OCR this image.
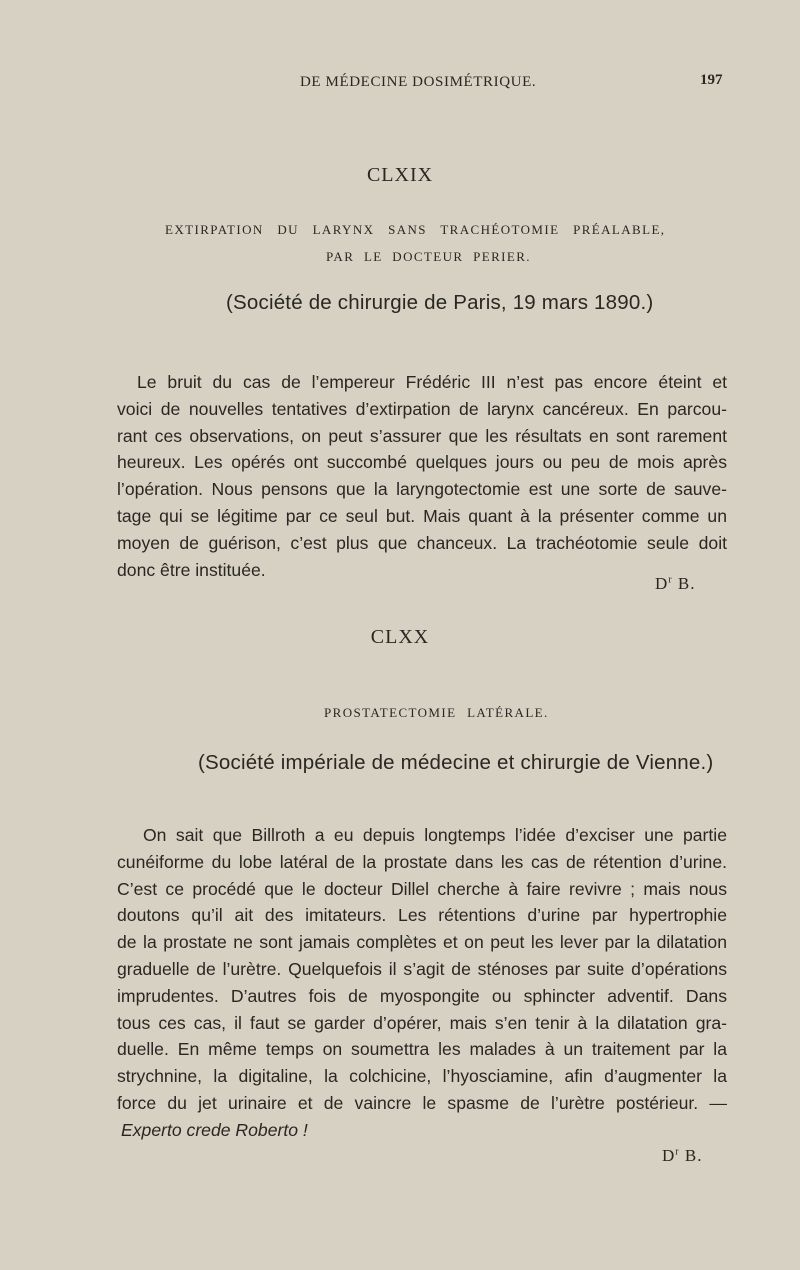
DE MÉDECINE DOSIMÉTRIQUE.	197
CLXIX
EXTIRPATION DU LARYNX SANS TRACHÉOTOMIE PRÉALABLE,
PAR LE DOCTEUR PERIER.
(Société de chirurgie de Paris, 19 mars 1890.)
Le bruit du cas de l’empereur Frédéric III n’est pas encore éteint et
voici de nouvelles tentatives d’extirpation de larynx cancéreux. En parcou-
rant ces observations, on peut s’assurer que les résultats en sont rarement
heureux. Les opérés ont succombé quelques jours ou peu de mois après
l’opération. Nous pensons que la laryngotectomie est une sorte de sauve-
tage qui se légitime par ce seul but. Mais quant à la présenter comme un
moyen de guérison, c’est plus que chanceux. La trachéotomie seule doit
donc être instituée.
$D^r$ B.
CLXX
PROSTATECTOMIE LATÉRALE.
(Société impériale de médecine et chirurgie de Vienne.)
On sait que Billroth a eu depuis longtemps l’idée d’exciser une partie
cunéiforme du lobe latéral de la prostate dans les cas de rétention d’urine.
C’est ce procédé que le docteur Dillel cherche à faire revivre ; mais nous
doutons qu’il ait des imitateurs. Les rétentions d’urine par hypertrophie
de la prostate ne sont jamais complètes et on peut les lever par la dilatation
graduelle de l’urètre. Quelquefois il s’agit de sténoses par suite d’opérations
imprudentes. D’autres fois de myospongite ou sphincter adventif. Dans
tous ces cas, il faut se garder d’opérer, mais s’en tenir à la dilatation gra-
duelle. En même temps on soumettra les malades à un traitement par la
strychnine, la digitaline, la colchicine, l’hyosciamine, afin d’augmenter la
force du jet urinaire et de vaincre le spasme de l’urètre postérieur. —
Experto crede Roberto !
$D^r$ B.
